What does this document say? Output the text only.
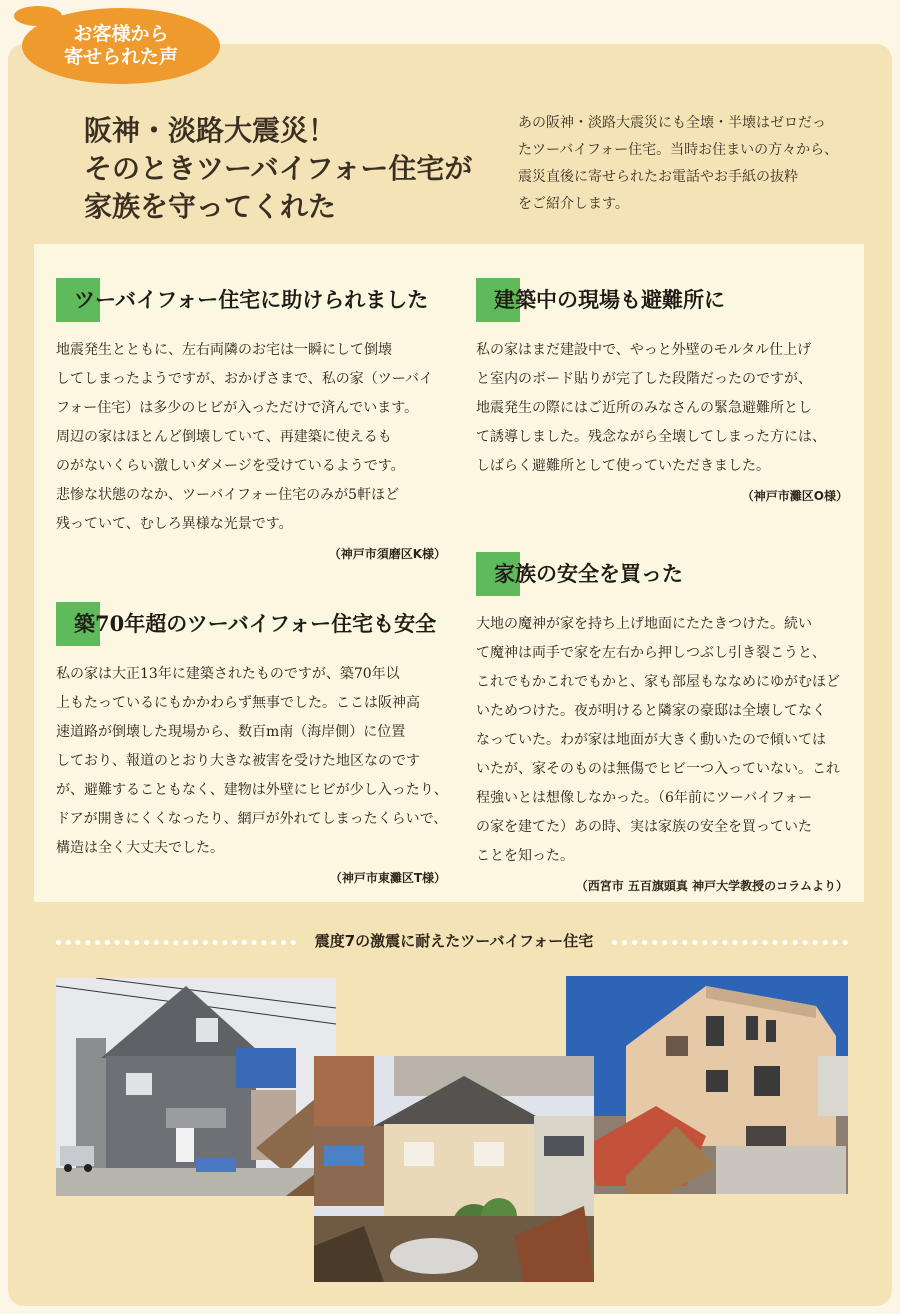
お客様から
寄せられた声
阪神・淡路大震災！
そのときツーバイフォー住宅が
家族を守ってくれた
あの阪神・淡路大震災にも全壊・半壊はゼロだっ
たツーバイフォー住宅。当時お住まいの方々から、
震災直後に寄せられたお電話やお手紙の抜粋
をご紹介します。
ツーバイフォー住宅に助けられました
地震発生とともに、左右両隣のお宅は一瞬にして倒壊
してしまったようですが、おかげさまで、私の家（ツーバイ
フォー住宅）は多少のヒビが入っただけで済んでいます。
周辺の家はほとんど倒壊していて、再建築に使えるも
のがないくらい激しいダメージを受けているようです。
悲惨な状態のなか、ツーバイフォー住宅のみが5軒ほど
残っていて、むしろ異様な光景です。
（神戸市須磨区K様）
築70年超のツーバイフォー住宅も安全
私の家は大正13年に建築されたものですが、築70年以
上もたっているにもかかわらず無事でした。ここは阪神高
速道路が倒壊した現場から、数百m南（海岸側）に位置
しており、報道のとおり大きな被害を受けた地区なのです
が、避難することもなく、建物は外壁にヒビが少し入ったり、
ドアが開きにくくなったり、網戸が外れてしまったくらいで、
構造は全く大丈夫でした。
（神戸市東灘区T様）
建築中の現場も避難所に
私の家はまだ建設中で、やっと外壁のモルタル仕上げ
と室内のボード貼りが完了した段階だったのですが、
地震発生の際にはご近所のみなさんの緊急避難所とし
て誘導しました。残念ながら全壊してしまった方には、
しばらく避難所として使っていただきました。
（神戸市灘区O様）
家族の安全を買った
大地の魔神が家を持ち上げ地面にたたきつけた。続い
て魔神は両手で家を左右から押しつぶし引き裂こうと、
これでもかこれでもかと、家も部屋もななめにゆがむほど
いためつけた。夜が明けると隣家の豪邸は全壊してなく
なっていた。わが家は地面が大きく動いたので傾いては
いたが、家そのものは無傷でヒビ一つ入っていない。これ
程強いとは想像しなかった。（6年前にツーバイフォー
の家を建てた）あの時、実は家族の安全を買っていた
ことを知った。
（西宮市 五百旗頭真 神戸大学教授のコラムより）
震度7の激震に耐えたツーバイフォー住宅
